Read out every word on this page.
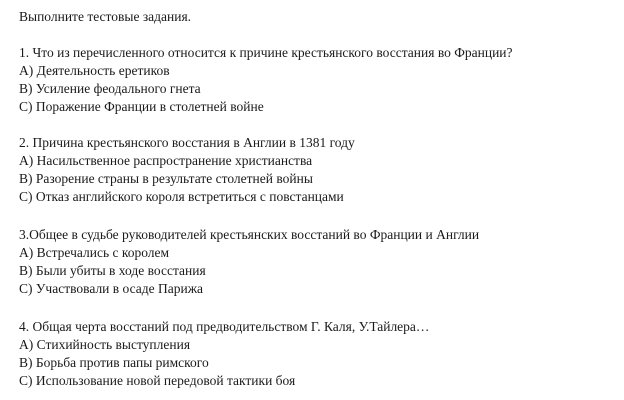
Выполните тестовые задания.
1. Что из перечисленного относится к причине крестьянского восстания во Франции?
A) Деятельность еретиков
B) Усиление феодального гнета
C) Поражение Франции в столетней войне
2. Причина крестьянского восстания в Англии в 1381 году
A) Насильственное распространение христианства
B) Разорение страны в результате столетней войны
C) Отказ английского короля встретиться с повстанцами
3.Общее в судьбе руководителей крестьянских восстаний во Франции и Англии
A) Встречались с королем
B) Были убиты в ходе восстания
C) Участвовали в осаде Парижа
4. Общая черта восстаний под предводительством Г. Каля, У.Тайлера…
A) Стихийность выступления
B) Борьба против папы римского
C) Использование новой передовой тактики боя
